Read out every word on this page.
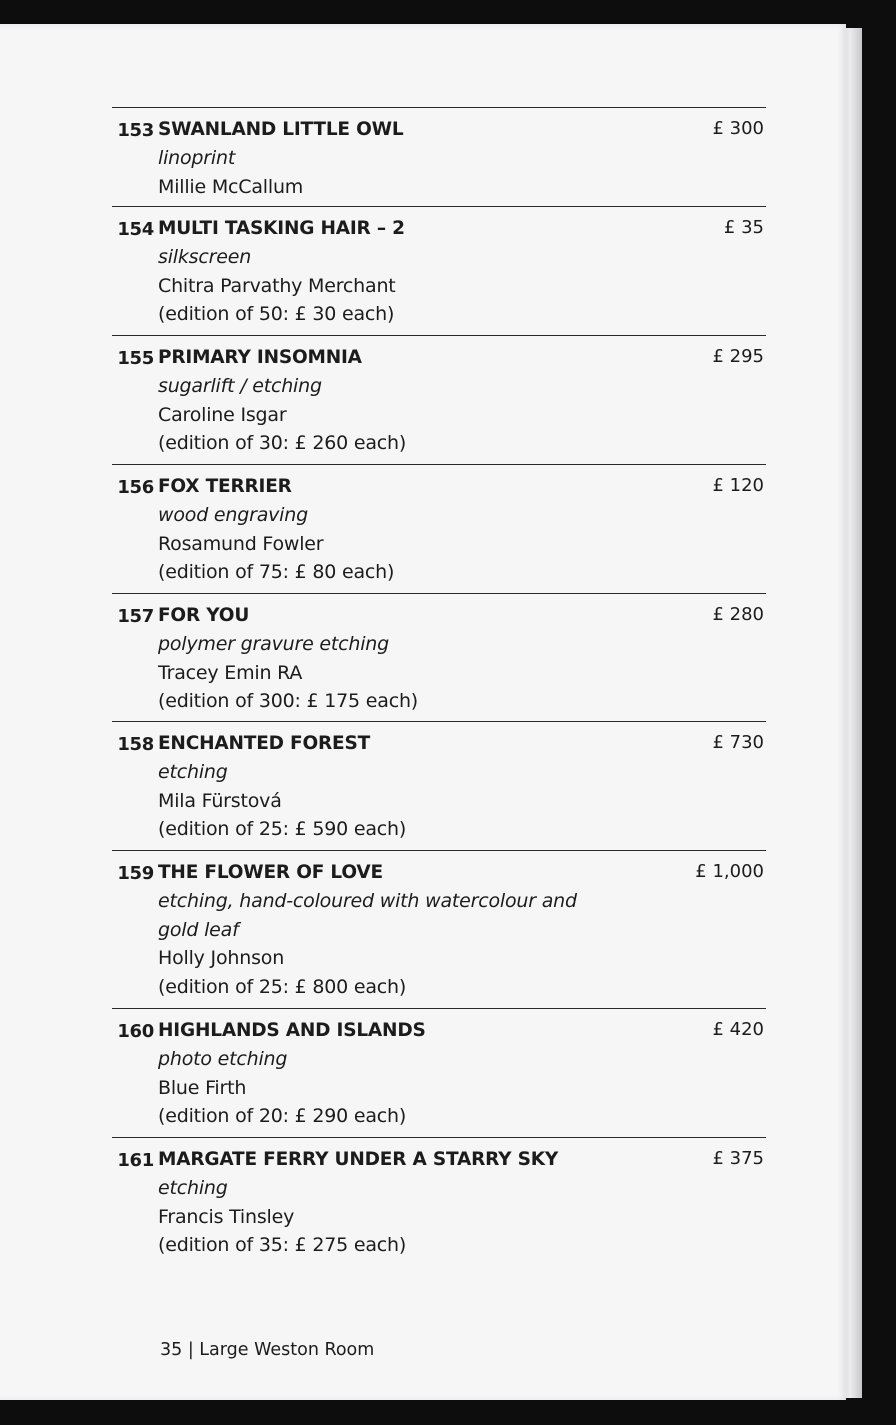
153 SWANLAND LITTLE OWL
linoprint
Millie McCallum
£ 300
154 MULTI TASKING HAIR – 2
silkscreen
Chitra Parvathy Merchant
(edition of 50: £ 30 each)
£ 35
155 PRIMARY INSOMNIA
sugarlift / etching
Caroline Isgar
(edition of 30: £ 260 each)
£ 295
156 FOX TERRIER
wood engraving
Rosamund Fowler
(edition of 75: £ 80 each)
£ 120
157 FOR YOU
polymer gravure etching
Tracey Emin RA
(edition of 300: £ 175 each)
£ 280
158 ENCHANTED FOREST
etching
Mila Fürstová
(edition of 25: £ 590 each)
£ 730
159 THE FLOWER OF LOVE
etching, hand-coloured with watercolour and
gold leaf
Holly Johnson
(edition of 25: £ 800 each)
£ 1,000
160 HIGHLANDS AND ISLANDS
photo etching
Blue Firth
(edition of 20: £ 290 each)
£ 420
161 MARGATE FERRY UNDER A STARRY SKY
etching
Francis Tinsley
(edition of 35: £ 275 each)
£ 375
35 | Large Weston Room
